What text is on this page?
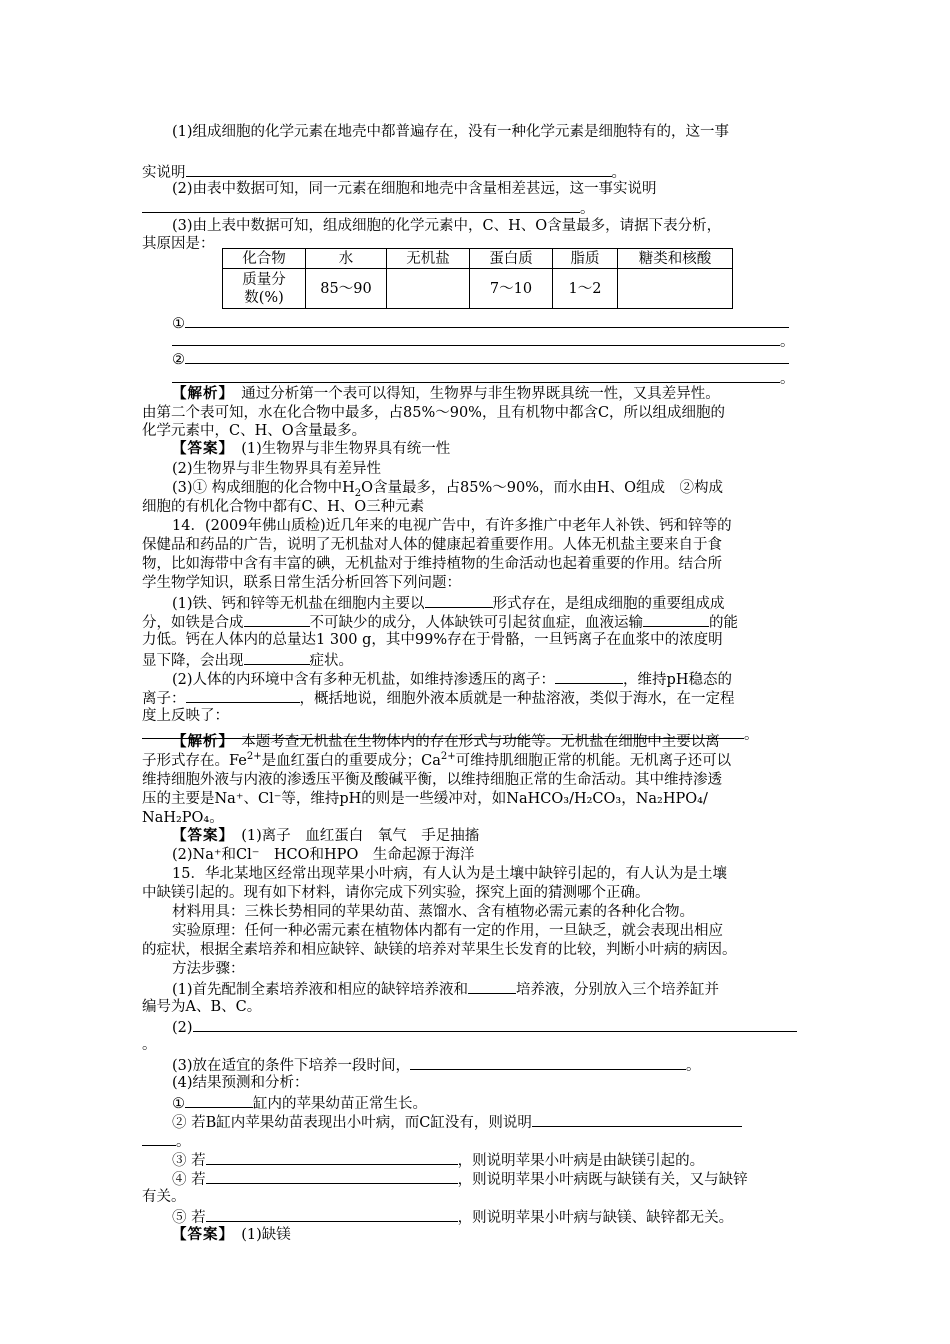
(1)组成细胞的化学元素在地壳中都普遍存在，没有一种化学元素是细胞特有的，这一事
实说明	。
(2)由表中数据可知，同一元素在细胞和地壳中含量相差甚远，这一事实说明
。
(3)由上表中数据可知，组成细胞的化学元素中，C、H、O含量最多，请据下表分析，
其原因是：
化合物	水	无机盐	蛋白质	脂质	糖类和核酸
质量分
数(%)	85～90		7～10	1～2	
①
。
②
。
【解析】　 通过分析第一个表可以得知，生物界与非生物界既具统一性，又具差异性。
由第二个表可知，水在化合物中最多，占85%～90%，且有机物中都含C，所以组成细胞的
化学元素中，C、H、O含量最多。
【答案】　 (1)生物界与非生物界具有统一性
(2)生物界与非生物界具有差异性
(3)① 构成细胞的化合物中$H_2O$含量最多，占85%～90%，而水由H、O组成　②构成
细胞的有机化合物中都有C、H、O三种元素
14．(2009年佛山质检)近几年来的电视广告中，有许多推广中老年人补铁、钙和锌等的
保健品和药品的广告，说明了无机盐对人体的健康起着重要作用。人体无机盐主要来自于食
物，比如海带中含有丰富的碘，无机盐对于维持植物的生命活动也起着重要的作用。结合所
学生物学知识，联系日常生活分析回答下列问题：
(1)铁、钙和锌等无机盐在细胞内主要以	形式存在，是组成细胞的重要组成成
分，如铁是合成	不可缺少的成分，人体缺铁可引起贫血症，血液运输	的能
力低。钙在人体内的总量达1 300 g，其中99%存在于骨骼，一旦钙离子在血浆中的浓度明
显下降，会出现	症状。
(2)人体的内环境中含有多种无机盐，如维持渗透压的离子：	，维持pH稳态的
离子：	，概括地说，细胞外液本质就是一种盐溶液，类似于海水，在一定程
度上反映了：
。
【解析】　 本题考查无机盐在生物体内的存在形式与功能等。无机盐在细胞中主要以离
子形式存在。$Fe^{2+}$是血红蛋白的重要成分；$Ca^{2+}$可维持肌细胞正常的机能。无机离子还可以
维持细胞外液与内液的渗透压平衡及酸碱平衡，以维持细胞正常的生命活动。其中维持渗透
压的主要是Na⁺、Cl⁻等，维持pH的则是一些缓冲对，如NaHCO₃/H₂CO₃，Na₂HPO₄/
NaH₂PO₄。
【答案】　 (1)离子　血红蛋白　氧气　手足抽搐
(2)Na⁺和Cl⁻　HCO和HPO　生命起源于海洋
15．华北某地区经常出现苹果小叶病，有人认为是土壤中缺锌引起的，有人认为是土壤
中缺镁引起的。现有如下材料，请你完成下列实验，探究上面的猜测哪个正确。
材料用具：三株长势相同的苹果幼苗、蒸馏水、含有植物必需元素的各种化合物。
实验原理：任何一种必需元素在植物体内都有一定的作用，一旦缺乏，就会表现出相应
的症状，根据全素培养和相应缺锌、缺镁的培养对苹果生长发育的比较，判断小叶病的病因。
方法步骤：
(1)首先配制全素培养液和相应的缺锌培养液和	培养液，分别放入三个培养缸并
编号为A、B、C。
(2)
。
(3)放在适宜的条件下培养一段时间，	。
(4)结果预测和分析：
①	缸内的苹果幼苗正常生长。
② 若B缸内苹果幼苗表现出小叶病，而C缸没有，则说明
。
③ 若	，则说明苹果小叶病是由缺镁引起的。
④ 若	，则说明苹果小叶病既与缺镁有关，又与缺锌
有关。
⑤ 若	，则说明苹果小叶病与缺镁、缺锌都无关。
【答案】　 (1)缺镁
